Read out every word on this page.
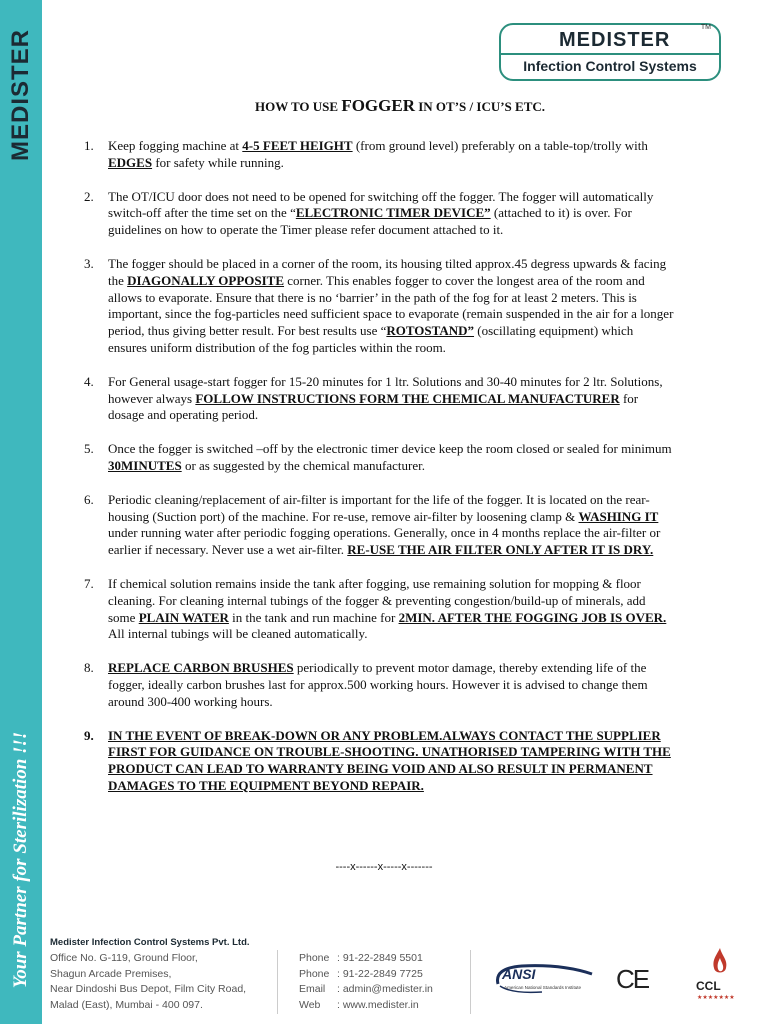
MEDISTER
Your Partner for Sterilization !!!
TM
MEDISTER
Infection Control Systems
HOW TO USE FOGGER IN OT’S / ICU’S ETC.
1.	Keep fogging machine at 4-5 FEET HEIGHT (from ground level) preferably on a table-top/trolly with EDGES for safety while running.
2.	The OT/ICU door does not need to be opened for switching off the fogger. The fogger will automatically switch-off after the time set on the “ELECTRONIC TIMER DEVICE” (attached to it) is over. For guidelines on how to operate the Timer please refer document attached to it.
3.	The fogger should be placed in a corner of the room, its housing tilted approx.45 degress upwards & facing the DIAGONALLY OPPOSITE corner. This enables fogger to cover the longest area of the room and allows to evaporate. Ensure that there is no ‘barrier’ in the path of the fog for at least 2 meters. This is important, since the fog-particles need sufficient space to evaporate (remain suspended in the air for a longer period, thus giving better result. For best results use “ROTOSTAND” (oscillating equipment) which ensures uniform distribution of the fog particles within the room.
4.	For General usage-start fogger for 15-20 minutes for 1 ltr. Solutions and 30-40 minutes for 2 ltr. Solutions, however always FOLLOW INSTRUCTIONS FORM THE CHEMICAL MANUFACTURER for dosage and operating period.
5.	Once the fogger is switched –off by the electronic timer device keep the room closed or sealed for minimum 30MINUTES or as suggested by the chemical manufacturer.
6.	Periodic cleaning/replacement of air-filter is important for the life of the fogger. It is located on the rear-housing (Suction port) of the machine. For re-use, remove air-filter by loosening clamp & WASHING IT under running water after periodic fogging operations. Generally, once in 4 months replace the air-filter or earlier if necessary. Never use a wet air-filter. RE-USE THE AIR FILTER ONLY AFTER IT IS DRY.
7.	If chemical solution remains inside the tank after fogging, use remaining solution for mopping & floor cleaning. For cleaning internal tubings of the fogger & preventing congestion/build-up of minerals, add some PLAIN WATER in the tank and run machine for 2MIN. AFTER THE FOGGING JOB IS OVER. All internal tubings will be cleaned automatically.
8.	REPLACE CARBON BRUSHES periodically to prevent motor damage, thereby extending life of the fogger, ideally carbon brushes last for approx.500 working hours. However it is advised to change them around 300-400 working hours.
9.	IN THE EVENT OF BREAK-DOWN OR ANY PROBLEM.ALWAYS CONTACT THE SUPPLIER FIRST FOR GUIDANCE ON TROUBLE-SHOOTING. UNATHORISED TAMPERING WITH THE PRODUCT CAN LEAD TO WARRANTY BEING VOID AND ALSO RESULT IN PERMANENT DAMAGES TO THE EQUIPMENT BEYOND REPAIR.
----x------x-----x-------
Medister Infection Control Systems Pvt. Ltd.
Office No. G-119, Ground Floor,
Shagun Arcade Premises,
Near Dindoshi Bus Depot, Film City Road,
Malad (East), Mumbai - 400 097.
Phone : 91-22-2849 5501
Phone : 91-22-2849 7725
Email	: admin@medister.in
Web	: www.medister.in
ANSI
American National Standards Institute CE	CCL
★★★★★★★
